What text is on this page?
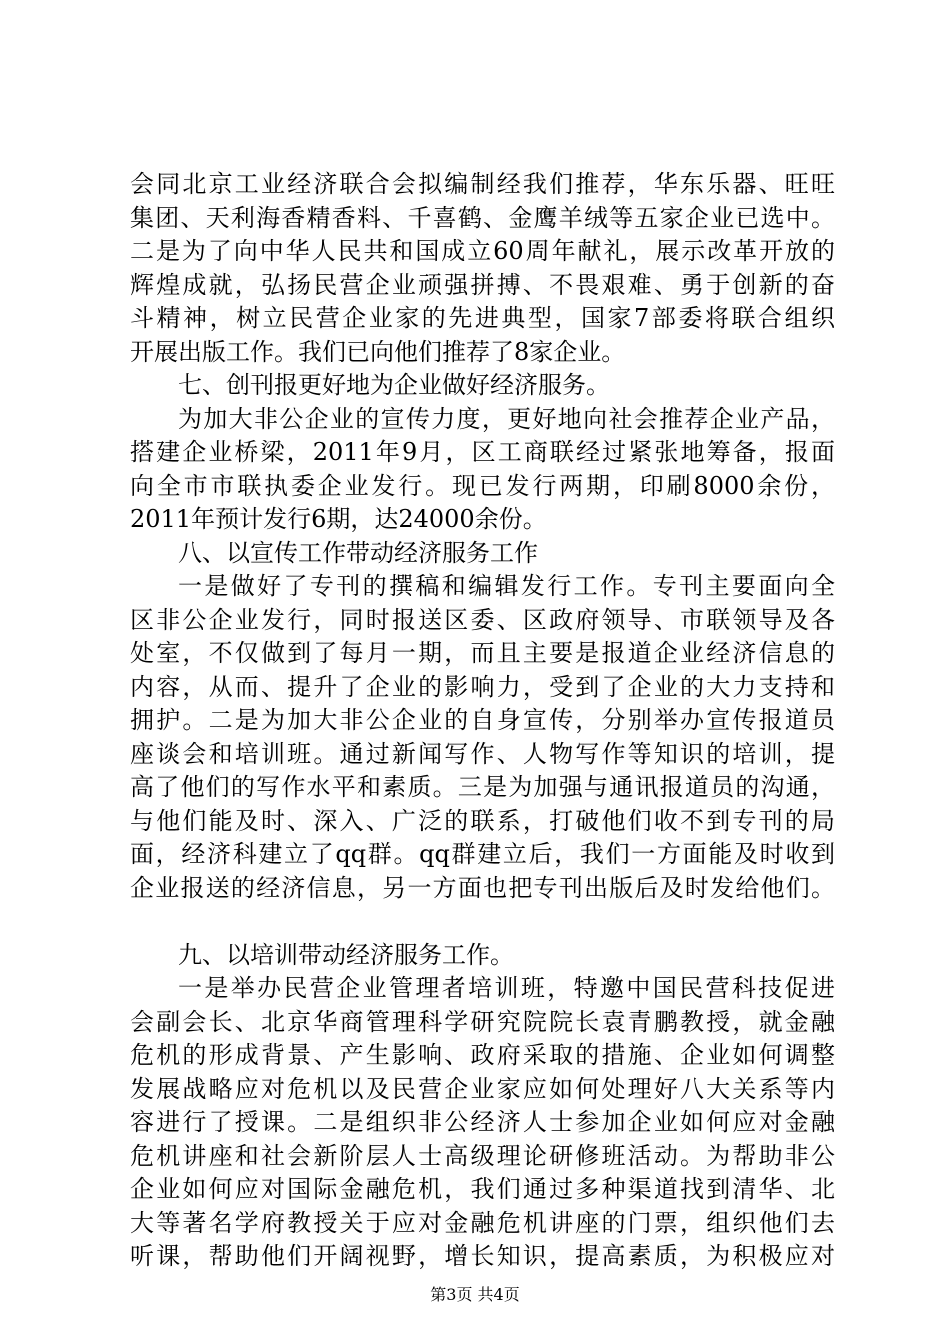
会同北京工业经济联合会拟编制经我们推荐，华东乐器、旺旺
集团、天利海香精香料、千喜鹤、金鹰羊绒等五家企业已选中。
二是为了向中华人民共和国成立60周年献礼，展示改革开放的
辉煌成就，弘扬民营企业顽强拼搏、不畏艰难、勇于创新的奋
斗精神，树立民营企业家的先进典型，国家7部委将联合组织
开展出版工作。我们已向他们推荐了8家企业。

七、创刊报更好地为企业做好经济服务。

为加大非公企业的宣传力度，更好地向社会推荐企业产品，
搭建企业桥梁，2011年9月，区工商联经过紧张地筹备，报面
向全市市联执委企业发行。现已发行两期，印刷8000余份，
2011年预计发行6期，达24000余份。

八、以宣传工作带动经济服务工作

一是做好了专刊的撰稿和编辑发行工作。专刊主要面向全
区非公企业发行，同时报送区委、区政府领导、市联领导及各
处室，不仅做到了每月一期，而且主要是报道企业经济信息的
内容，从而、提升了企业的影响力，受到了企业的大力支持和
拥护。二是为加大非公企业的自身宣传，分别举办宣传报道员
座谈会和培训班。通过新闻写作、人物写作等知识的培训，提
高了他们的写作水平和素质。三是为加强与通讯报道员的沟通，
与他们能及时、深入、广泛的联系，打破他们收不到专刊的局
面，经济科建立了qq群。qq群建立后，我们一方面能及时收到
企业报送的经济信息，另一方面也把专刊出版后及时发给他们。

九、以培训带动经济服务工作。

一是举办民营企业管理者培训班，特邀中国民营科技促进
会副会长、北京华商管理科学研究院院长袁青鹏教授，就金融
危机的形成背景、产生影响、政府采取的措施、企业如何调整
发展战略应对危机以及民营企业家应如何处理好八大关系等内
容进行了授课。二是组织非公经济人士参加企业如何应对金融
危机讲座和社会新阶层人士高级理论研修班活动。为帮助非公
企业如何应对国际金融危机，我们通过多种渠道找到清华、北
大等著名学府教授关于应对金融危机讲座的门票，组织他们去
听课，帮助他们开阔视野，增长知识，提高素质，为积极应对

第3页 共4页
